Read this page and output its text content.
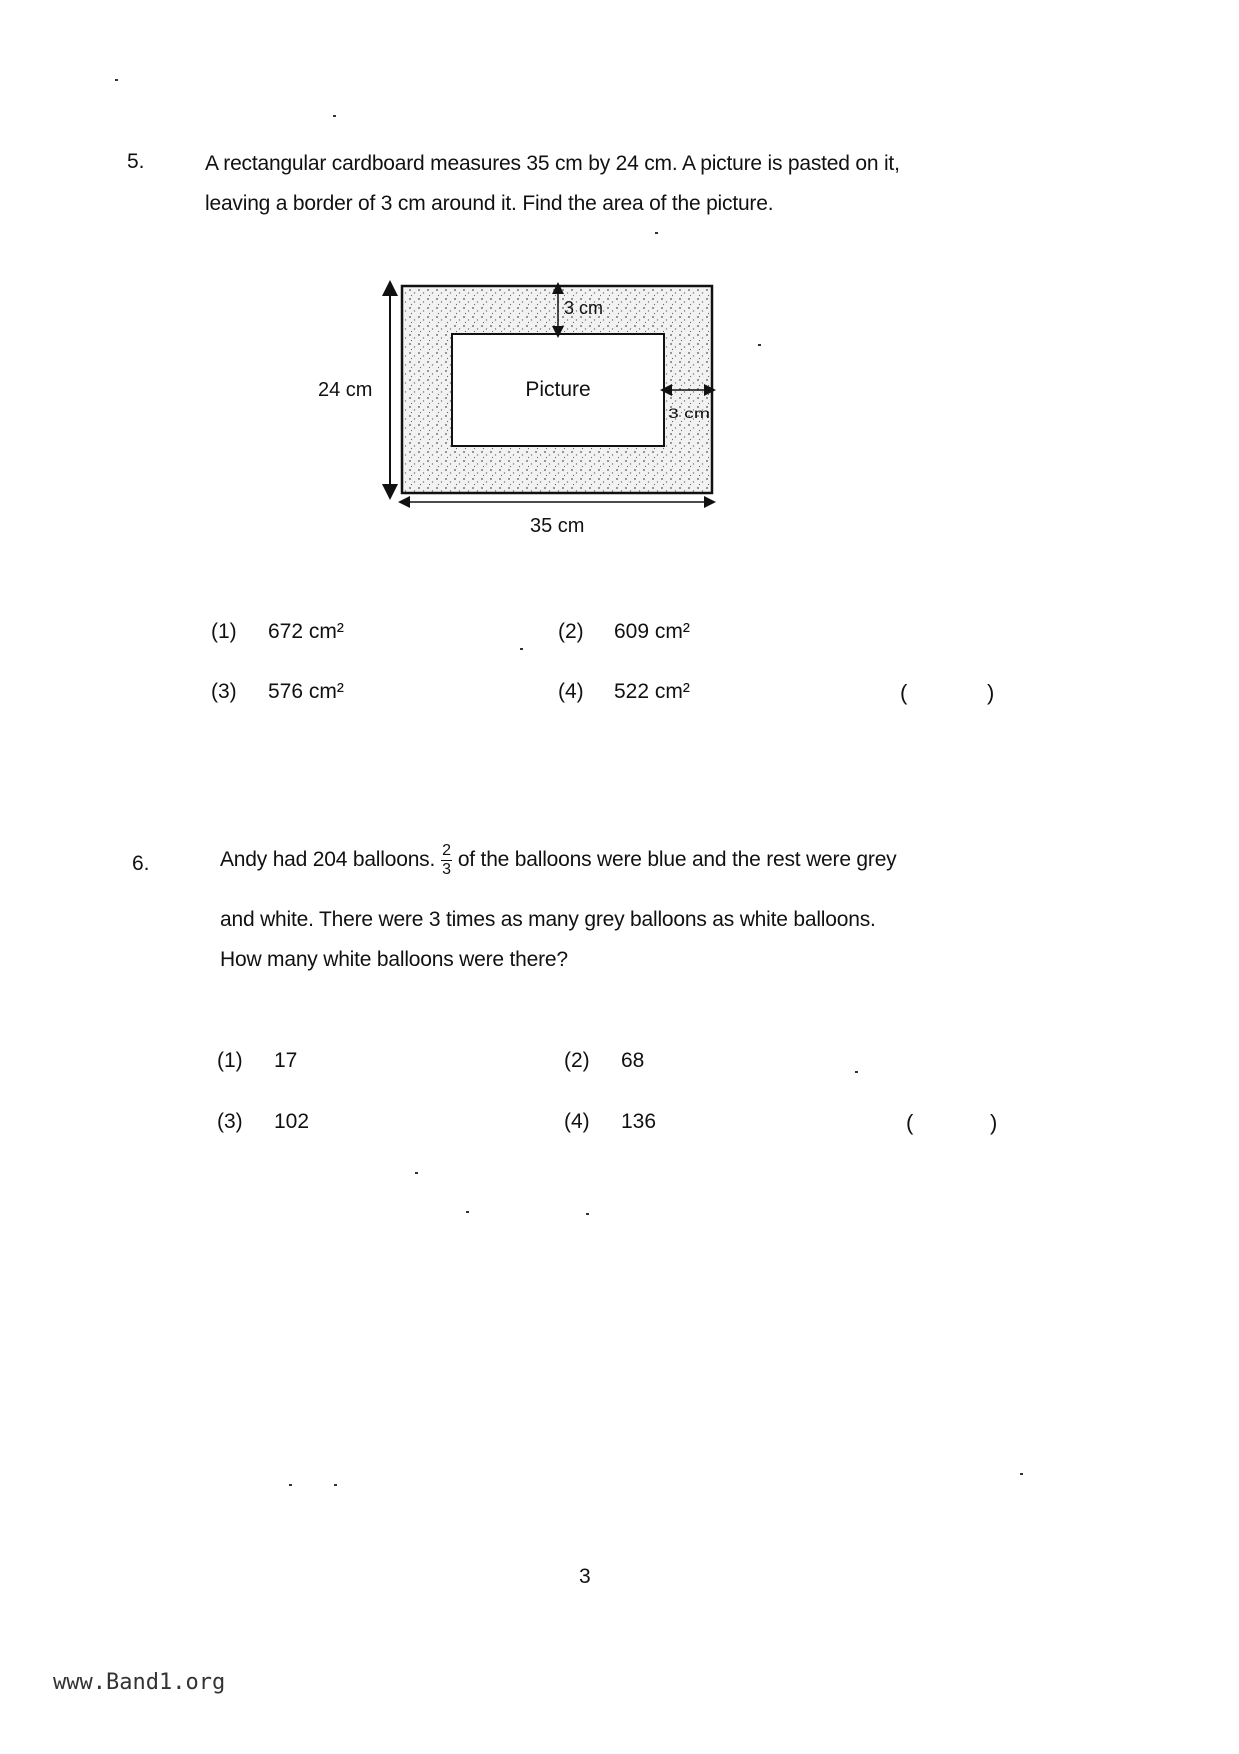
5.	A rectangular cardboard measures 35 cm by 24 cm. A picture is pasted on it,
leaving a border of 3 cm around it. Find the area of the picture.
24 cm
35 cm
3 cm
3 cm
Picture
(1) 672 cm²	(2) 609 cm²
(3) 576 cm²	(4) 522 cm²	(	)
6.	Andy had 204 balloons. $\frac{2}{3}$ of the balloons were blue and the rest were grey
and white. There were 3 times as many grey balloons as white balloons.
How many white balloons were there?
(1) 17	(2) 68
(3) 102	(4) 136	(	)
3
www.Band1.org
